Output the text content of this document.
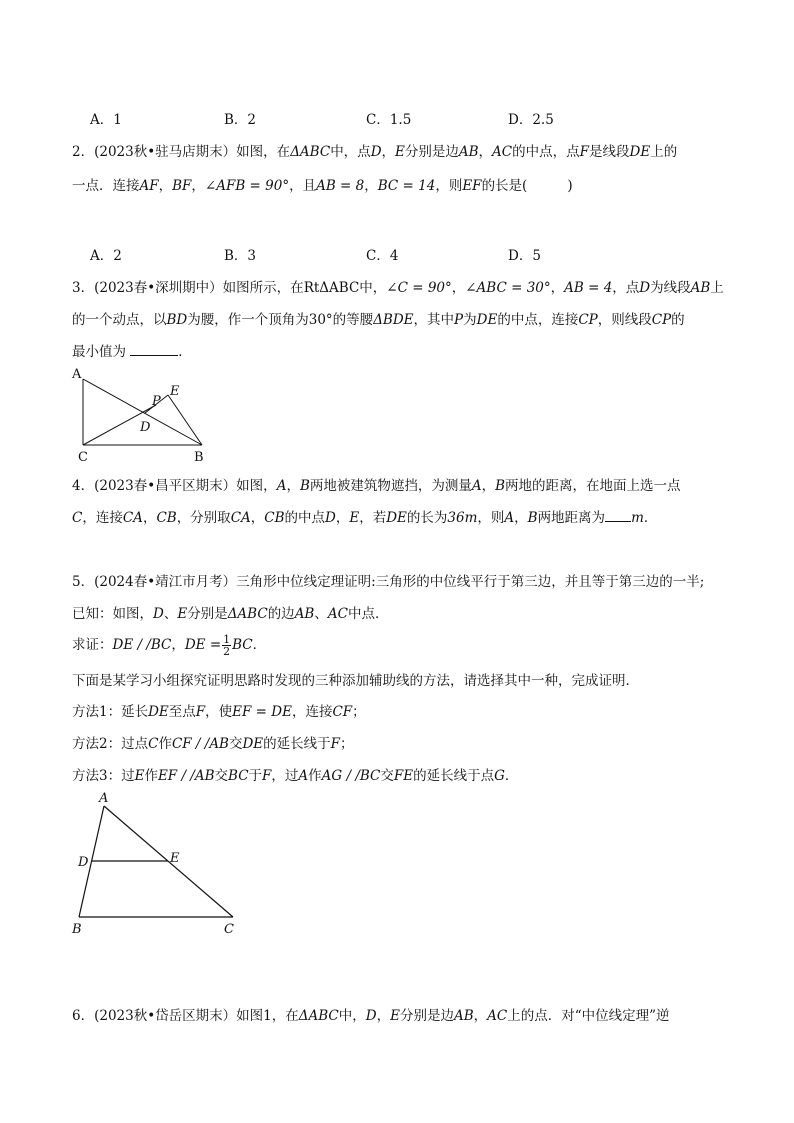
A．1	B．2	C．1.5	D．2.5
2．(2023秋•驻马店期末）如图，在ΔABC中，点D，E分别是边AB，AC的中点，点F是线段DE上的
一点．连接AF，BF，∠AFB = 90°，且AB = 8，BC = 14，则EF的长是(	)
A．2	B．3	C．4	D．5
3．(2023春•深圳期中）如图所示，在RtΔABC中，∠C = 90°，∠ABC = 30°，AB = 4，点D为线段AB上
的一个动点，以BD为腰，作一个顶角为30°的等腰ΔBDE，其中P为DE的中点，连接CP，则线段CP的
最小值为	．
A
C	B
D
P
E
4．(2023春•昌平区期末）如图，A，B两地被建筑物遮挡，为测量A，B两地的距离，在地面上选一点
C，连接CA，CB，分别取CA，CB的中点D，E，若DE的长为36m，则A，B两地距离为 m．
5．(2024春•靖江市月考）三角形中位线定理证明:三角形的中位线平行于第三边，并且等于第三边的一半;
已知：如图，D、E分别是ΔABC的边AB、AC中点．
求证：DE / /BC，DE = $\frac{1}{2}$ BC．
下面是某学习小组探究证明思路时发现的三种添加辅助线的方法，请选择其中一种，完成证明．
方法1：延长DE至点F，使EF = DE，连接CF；
方法2：过点C作CF / /AB交DE的延长线于F；
方法3：过E作EF / /AB交BC于F，过A作AG / /BC交FE的延长线于点G．
A
D	E
B	C
6．(2023秋•岱岳区期末）如图1，在ΔABC中，D，E分别是边AB，AC上的点．对“中位线定理”逆
